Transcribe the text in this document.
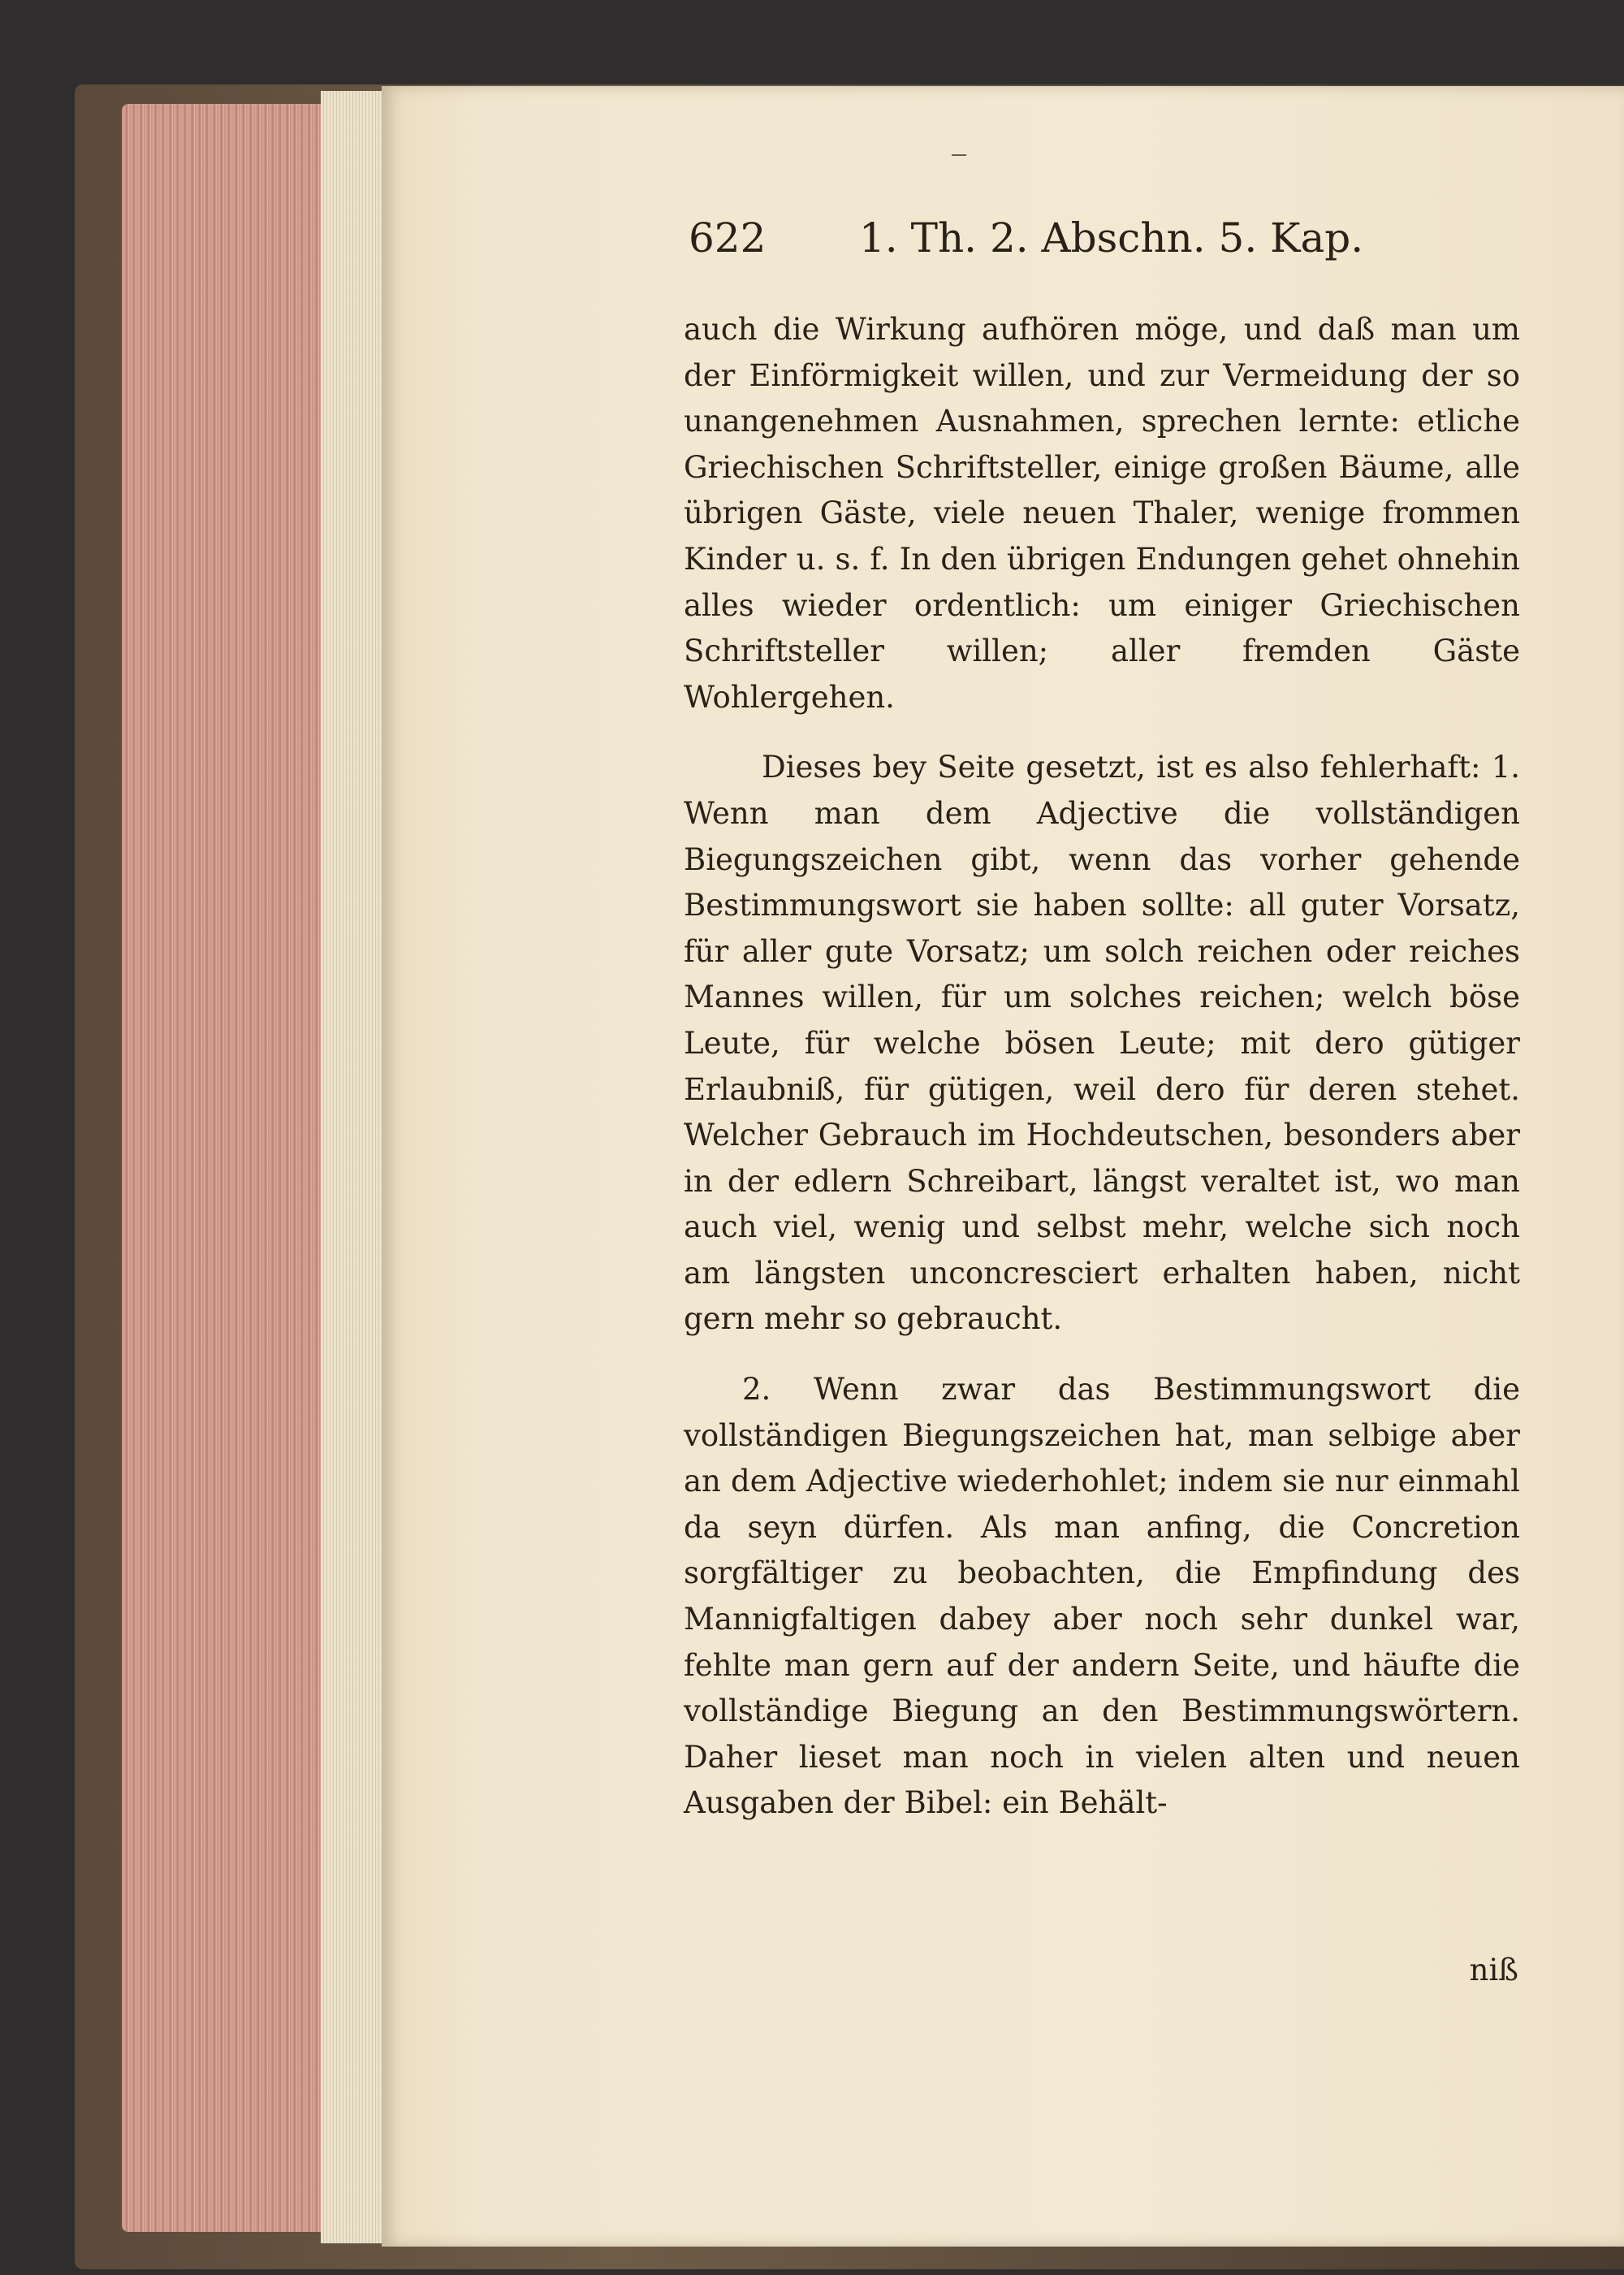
622 1. Th. 2. Abschn. 5. Kap.

auch die Wirkung aufhören möge, und daß man um der Einförmigkeit willen, und zur Vermeidung der so unangenehmen Ausnahmen, sprechen lernte: etliche Griechischen Schriftsteller, einige großen Bäume, alle übrigen Gäste, viele neuen Thaler, wenige frommen Kinder u. s. f. In den übrigen Endungen gehet ohnehin alles wieder ordentlich: um einiger Griechischen Schriftsteller willen; aller fremden Gäste Wohlergehen.

Dieses bey Seite gesetzt, ist es also fehlerhaft: 1. Wenn man dem Adjective die vollständigen Biegungszeichen gibt, wenn das vorher gehende Bestimmungswort sie haben sollte: all guter Vorsatz, für aller gute Vorsatz; um solch reichen oder reiches Mannes willen, für um solches reichen; welch böse Leute, für welche bösen Leute; mit dero gütiger Erlaubniß, für gütigen, weil dero für deren stehet. Welcher Gebrauch im Hochdeutschen, besonders aber in der edlern Schreibart, längst veraltet ist, wo man auch viel, wenig und selbst mehr, welche sich noch am längsten unconcresciert erhalten haben, nicht gern mehr so gebraucht.

2. Wenn zwar das Bestimmungswort die vollständigen Biegungszeichen hat, man selbige aber an dem Adjective wiederhohlet; indem sie nur einmahl da seyn dürfen. Als man anfing, die Concretion sorgfältiger zu beobachten, die Empfindung des Mannigfaltigen dabey aber noch sehr dunkel war, fehlte man gern auf der andern Seite, und häufte die vollständige Biegung an den Bestimmungswörtern. Daher lieset man noch in vielen alten und neuen Ausgaben der Bibel: ein Behält-

niß
